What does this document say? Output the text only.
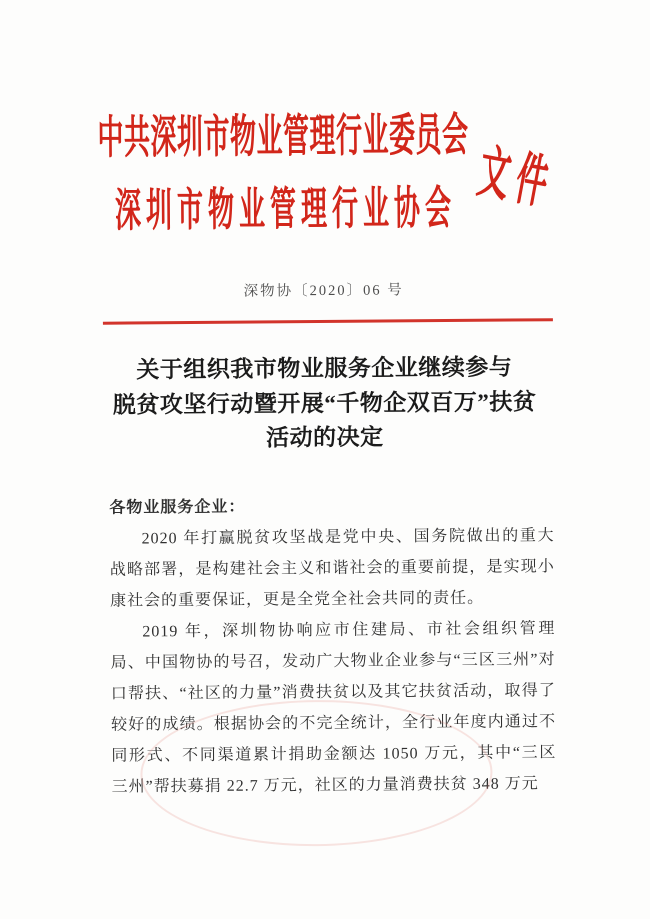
中共深圳市物业管理行业委员会
深圳市物业管理行业协会
文
件
深物协〔2020〕06 号
关于组织我市物业服务企业继续参与
脱贫攻坚行动暨开展“千物企双百万”扶贫
活动的决定
各物业服务企业：

2020 年打赢脱贫攻坚战是党中央、国务院做出的重大战略部署，是构建社会主义和谐社会的重要前提，是实现小康社会的重要保证，更是全党全社会共同的责任。

2019 年，深圳物协响应市住建局、市社会组织管理局、中国物协的号召，发动广大物业企业参与“三区三州”对口帮扶、“社区的力量”消费扶贫以及其它扶贫活动，取得了较好的成绩。根据协会的不完全统计，全行业年度内通过不同形式、不同渠道累计捐助金额达 1050 万元，其中“三区三州”帮扶募捐 22.7 万元，社区的力量消费扶贫 348 万元
